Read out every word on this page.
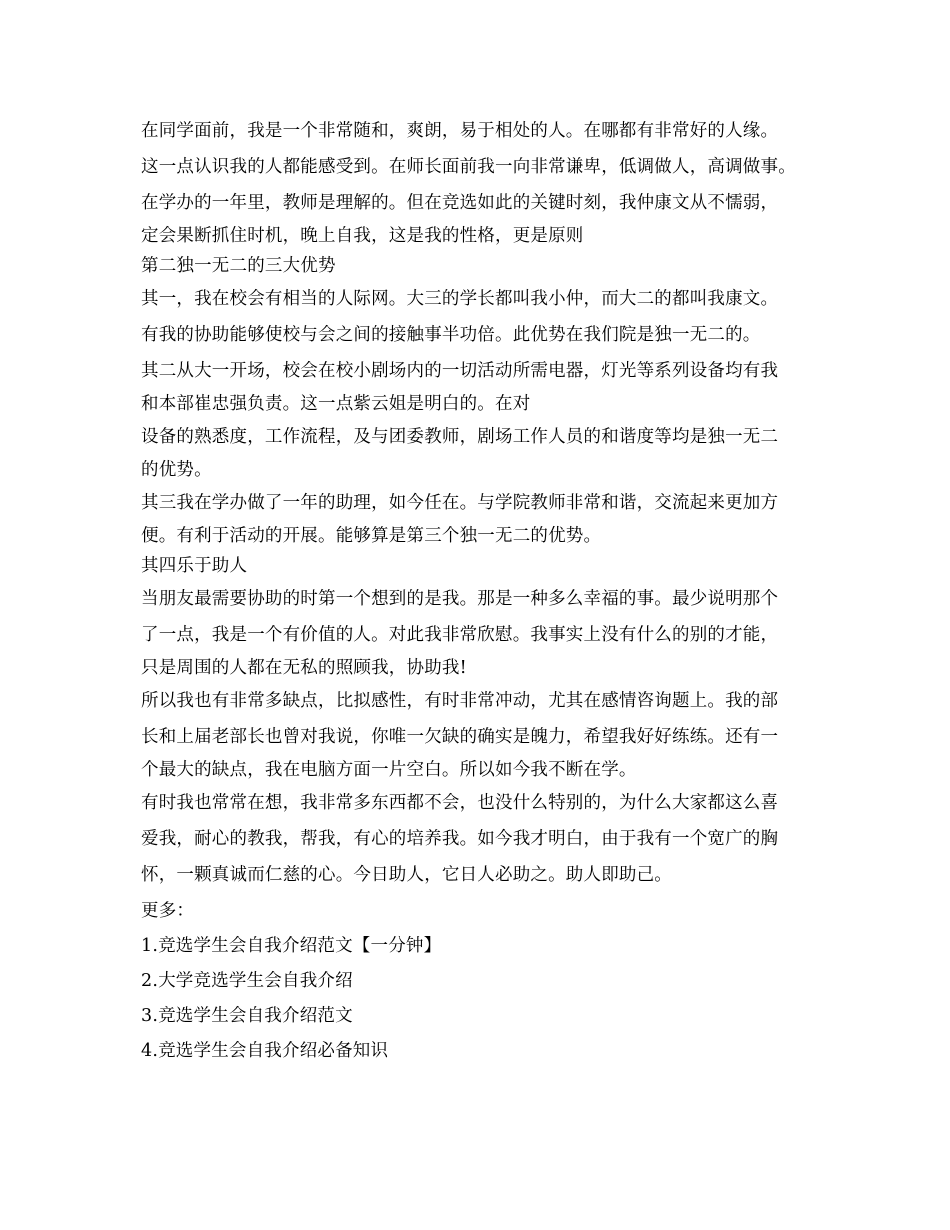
在同学面前，我是一个非常随和，爽朗，易于相处的人。在哪都有非常好的人缘。
这一点认识我的人都能感受到。在师长面前我一向非常谦卑，低调做人，高调做事。
在学办的一年里，教师是理解的。但在竞选如此的关键时刻，我仲康文从不懦弱，
定会果断抓住时机，晚上自我，这是我的性格，更是原则
第二独一无二的三大优势
其一，我在校会有相当的人际网。大三的学长都叫我小仲，而大二的都叫我康文。
有我的协助能够使校与会之间的接触事半功倍。此优势在我们院是独一无二的。
其二从大一开场，校会在校小剧场内的一切活动所需电器，灯光等系列设备均有我
和本部崔忠强负责。这一点紫云姐是明白的。在对
设备的熟悉度，工作流程，及与团委教师，剧场工作人员的和谐度等均是独一无二
的优势。
其三我在学办做了一年的助理，如今任在。与学院教师非常和谐，交流起来更加方
便。有利于活动的开展。能够算是第三个独一无二的优势。
其四乐于助人
当朋友最需要协助的时第一个想到的是我。那是一种多么幸福的事。最少说明那个
了一点，我是一个有价值的人。对此我非常欣慰。我事实上没有什么的别的才能，
只是周围的人都在无私的照顾我，协助我!
所以我也有非常多缺点，比拟感性，有时非常冲动，尤其在感情咨询题上。我的部
长和上届老部长也曾对我说，你唯一欠缺的确实是魄力，希望我好好练练。还有一
个最大的缺点，我在电脑方面一片空白。所以如今我不断在学。
有时我也常常在想，我非常多东西都不会，也没什么特别的，为什么大家都这么喜
爱我，耐心的教我，帮我，有心的培养我。如今我才明白，由于我有一个宽广的胸
怀，一颗真诚而仁慈的心。今日助人，它日人必助之。助人即助己。
更多：
1.竞选学生会自我介绍范文【一分钟】
2.大学竞选学生会自我介绍
3.竞选学生会自我介绍范文
4.竞选学生会自我介绍必备知识
